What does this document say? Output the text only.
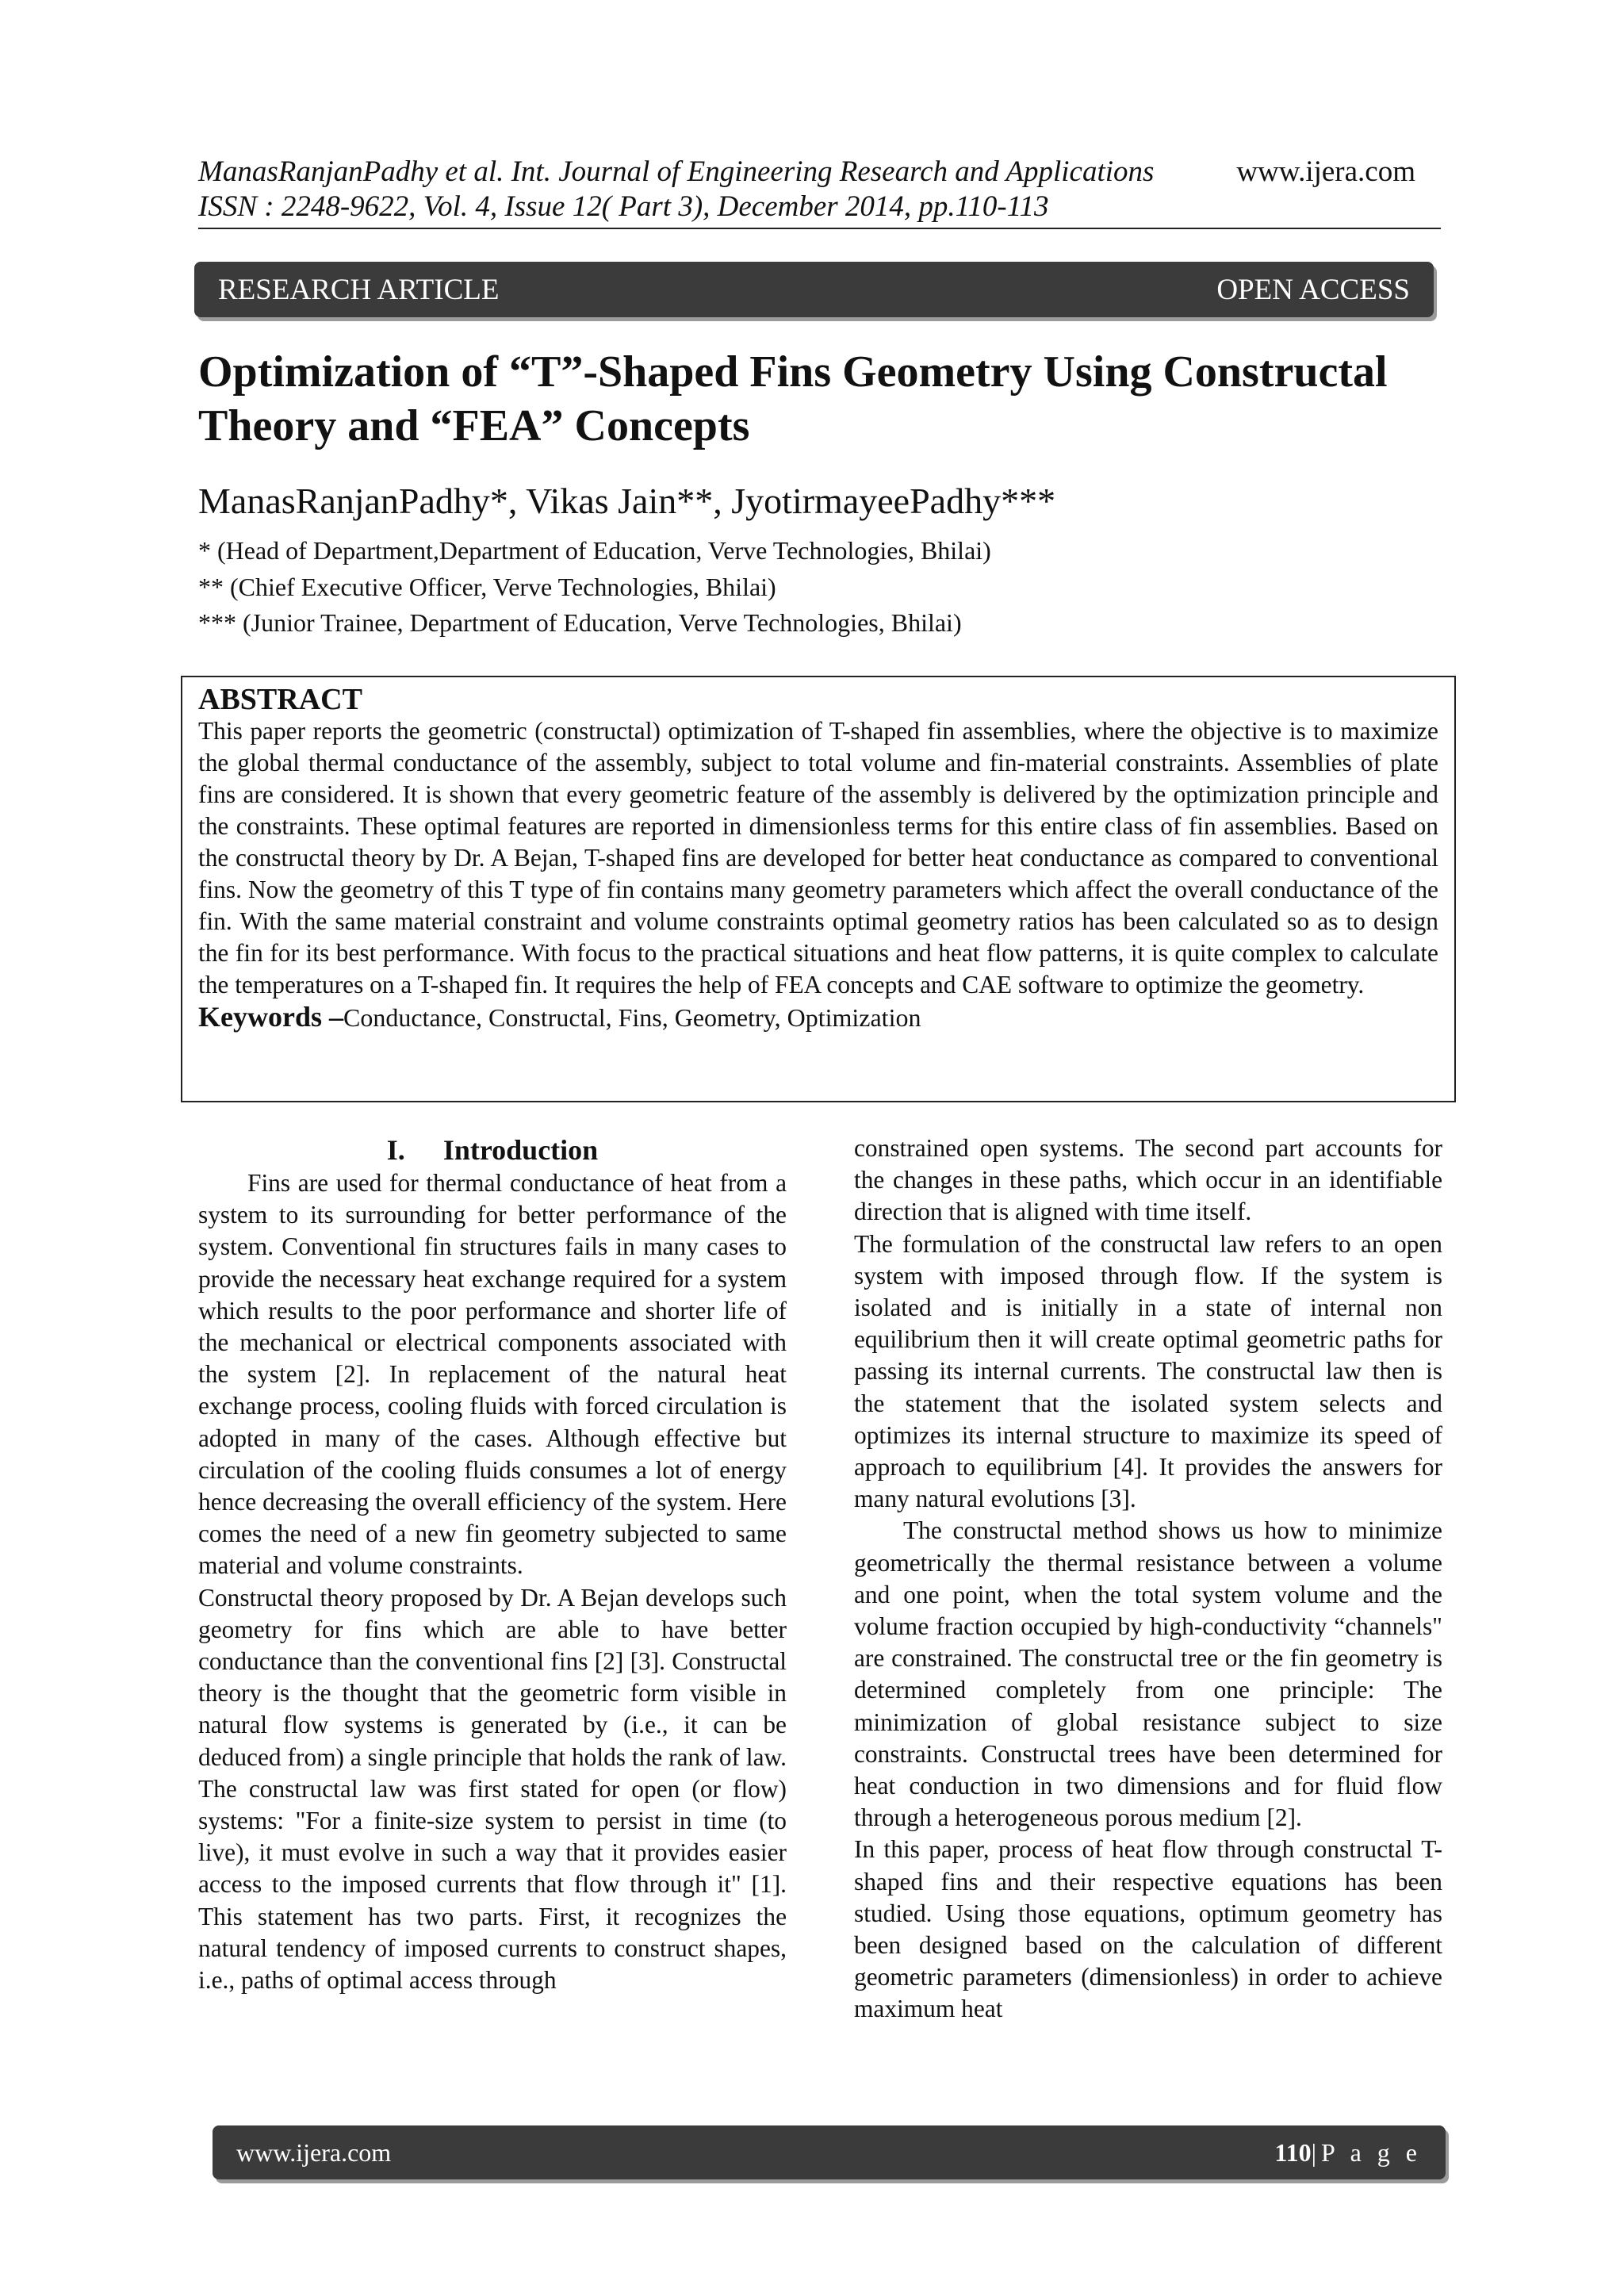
ManasRanjanPadhy et al. Int. Journal of Engineering Research and Applications	www.ijera.com
ISSN : 2248-9622, Vol. 4, Issue 12( Part 3), December 2014, pp.110-113
RESEARCH ARTICLE	OPEN ACCESS
Optimization of “T”-Shaped Fins Geometry Using Constructal Theory and “FEA” Concepts
ManasRanjanPadhy*, Vikas Jain**, JyotirmayeePadhy***
* (Head of Department,Department of Education, Verve Technologies, Bhilai)
** (Chief Executive Officer, Verve Technologies, Bhilai)
*** (Junior Trainee, Department of Education, Verve Technologies, Bhilai)
ABSTRACT

This paper reports the geometric (constructal) optimization of T-shaped fin assemblies, where the objective is to maximize the global thermal conductance of the assembly, subject to total volume and fin-material constraints. Assemblies of plate fins are considered. It is shown that every geometric feature of the assembly is delivered by the optimization principle and the constraints. These optimal features are reported in dimensionless terms for this entire class of fin assemblies. Based on the constructal theory by Dr. A Bejan, T-shaped fins are developed for better heat conductance as compared to conventional fins. Now the geometry of this T type of fin contains many geometry parameters which affect the overall conductance of the fin. With the same material constraint and volume constraints optimal geometry ratios has been calculated so as to design the fin for its best performance. With focus to the practical situations and heat flow patterns, it is quite complex to calculate the temperatures on a T-shaped fin. It requires the help of FEA concepts and CAE software to optimize the geometry.

Keywords –Conductance, Constructal, Fins, Geometry, Optimization
I. Introduction

Fins are used for thermal conductance of heat from a system to its surrounding for better performance of the system. Conventional fin structures fails in many cases to provide the necessary heat exchange required for a system which results to the poor performance and shorter life of the mechanical or electrical components associated with the system [2]. In replacement of the natural heat exchange process, cooling fluids with forced circulation is adopted in many of the cases. Although effective but circulation of the cooling fluids consumes a lot of energy hence decreasing the overall efficiency of the system. Here comes the need of a new fin geometry subjected to same material and volume constraints.

Constructal theory proposed by Dr. A Bejan develops such geometry for fins which are able to have better conductance than the conventional fins [2] [3]. Constructal theory is the thought that the geometric form visible in natural flow systems is generated by (i.e., it can be deduced from) a single principle that holds the rank of law. The constructal law was first stated for open (or flow) systems: "For a finite-size system to persist in time (to live), it must evolve in such a way that it provides easier access to the imposed currents that flow through it" [1]. This statement has two parts. First, it recognizes the natural tendency of imposed currents to construct shapes, i.e., paths of optimal access through

constrained open systems. The second part accounts for the changes in these paths, which occur in an identifiable direction that is aligned with time itself.

The formulation of the constructal law refers to an open system with imposed through flow. If the system is isolated and is initially in a state of internal non equilibrium then it will create optimal geometric paths for passing its internal currents. The constructal law then is the statement that the isolated system selects and optimizes its internal structure to maximize its speed of approach to equilibrium [4]. It provides the answers for many natural evolutions [3].

The constructal method shows us how to minimize geometrically the thermal resistance between a volume and one point, when the total system volume and the volume fraction occupied by high-conductivity “channels" are constrained. The constructal tree or the fin geometry is determined completely from one principle: The minimization of global resistance subject to size constraints. Constructal trees have been determined for heat conduction in two dimensions and for fluid flow through a heterogeneous porous medium [2].

In this paper, process of heat flow through constructal T-shaped fins and their respective equations has been studied. Using those equations, optimum geometry has been designed based on the calculation of different geometric parameters (dimensionless) in order to achieve maximum heat

www.ijera.com	110|P a g e
